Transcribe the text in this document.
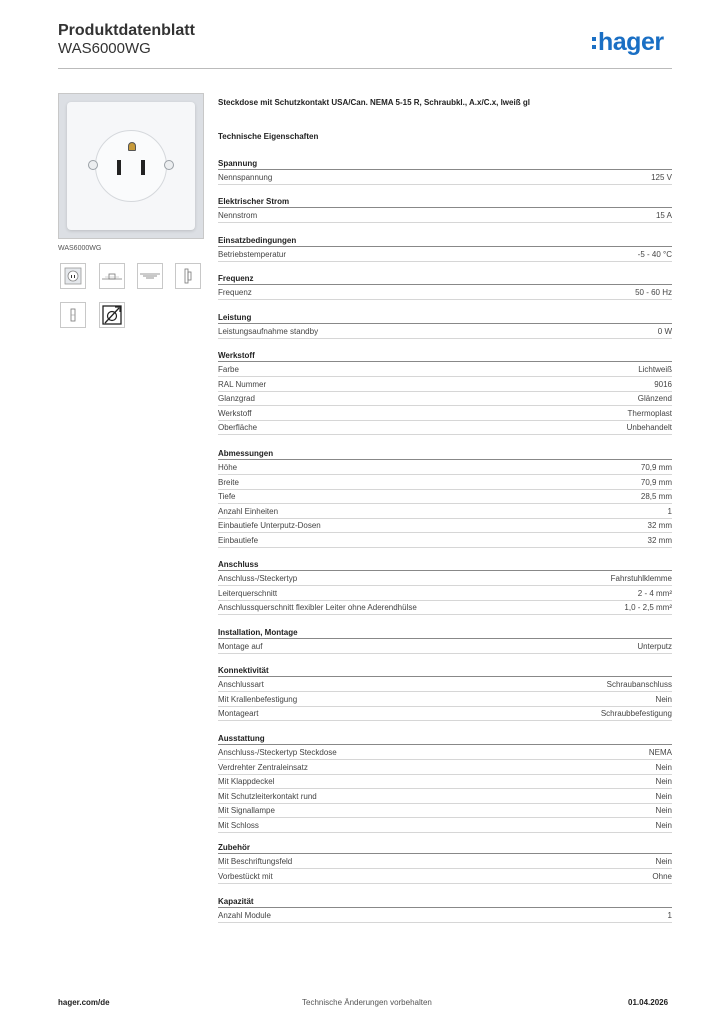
Produktdatenblatt
WAS6000WG	hager
WAS6000WG
Steckdose mit Schutzkontakt USA/Can. NEMA 5-15 R, Schraubkl., A.x/C.x, lweiß gl
Technische Eigenschaften
Spannung
Nennspannung	125 V
Elektrischer Strom
Nennstrom	15 A
Einsatzbedingungen
Betriebstemperatur	-5 - 40 °C
Frequenz
Frequenz	50 - 60 Hz
Leistung
Leistungsaufnahme standby	0 W
Werkstoff
Farbe	Lichtweiß
RAL Nummer	9016
Glanzgrad	Glänzend
Werkstoff	Thermoplast
Oberfläche	Unbehandelt
Abmessungen
Höhe	70,9 mm
Breite	70,9 mm
Tiefe	28,5 mm
Anzahl Einheiten	1
Einbautiefe Unterputz-Dosen	32 mm
Einbautiefe	32 mm
Anschluss
Anschluss-/Steckertyp	Fahrstuhlklemme
Leiterquerschnitt	2 - 4 mm²
Anschlussquerschnitt flexibler Leiter ohne Aderendhülse	1,0 - 2,5 mm²
Installation, Montage
Montage auf	Unterputz
Konnektivität
Anschlussart	Schraubanschluss
Mit Krallenbefestigung	Nein
Montageart	Schraubbefestigung
Ausstattung
Anschluss-/Steckertyp Steckdose	NEMA
Verdrehter Zentraleinsatz	Nein
Mit Klappdeckel	Nein
Mit Schutzleiterkontakt rund	Nein
Mit Signallampe	Nein
Mit Schloss	Nein
Zubehör
Mit Beschriftungsfeld	Nein
Vorbestückt mit	Ohne
Kapazität
Anzahl Module	1
hager.com/de	Technische Änderungen vorbehalten	01.04.2026
